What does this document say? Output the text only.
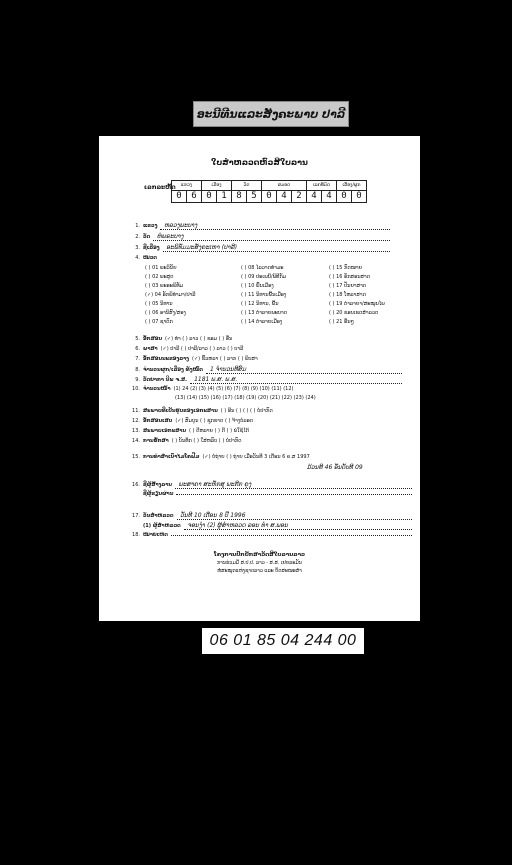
ອະນີທີນແລະສັງຄະພາບ ປາລີ
ໃບສຳຫລວດຫົວສີໃບລານ
ເລກລະຫັດ ແຂວງ		ເມືອງ		ວັດ		ສມອດ			ເລກທີມັດ		ເລື່ອງ/ຜູກ	
0	6	0	1	8	5	0	4	2	4	4	0	0
1. ແຂວງ	ຫລວງພະບາງ
2. ວັດ	ຫໍພຣະບາງ
3. ຊື່ເລື່ອງ	ອະພິທັມມະສັງຄະເຫາ (ປາລີ)
4. ໝວດ
( ) 01 ພະວິນັຍ
( ) 02 ພະສູດ
( ) 03 ພະອະພິທັມ
(✓) 04 ອັກພິທຳມາ/ປາລີ
( ) 05 ນິທານ
( ) 06 ອານິສົງ/ສອງ
( ) 07 ຊາດົກ
( ) 08 ໄລວາດທຳມະ
( ) 09 ປະເພນີ/ພິທີກັມ
( ) 10 ພົ້ນເມືອງ
( ) 11 ນິທານພື້ນເມືອງ
( ) 12 ນິທານ, ພື້ນ
( ) 13 ຕຳລາຍພະບາດ
( ) 14 ຕຳລາຍເມືອງ
( ) 15 ກົດໝາຍ
( ) 16 ອັກສອນສາດ
( ) 17 ປັນຍາສາດ
( ) 18 ໂຫລາສາດ
( ) 19 ຕຳລາຍາ/ສະໝຸນໄພ
( ) 20 ຂອບເຂດສຳລວດ
( ) 21 ອື່ນໆ
5. ອັກສອນ (✓) ທຳ ( ) ລາວ ( ) ຂອມ ( ) ອື່ນ
6. ພາສາ (✓) ປາລີ ( ) ປາລີ/ລາວ ( ) ລາວ ( ) ບາລີ
7. ອັກສອນນະຂອງລາງ (✓) ຂົ້ວຫລາ ( ) ລາກ ( ) ພິບສາ
8. ຈຳນວນຜູກ/ເລື່ອງ ທັງໝົດ	1 ຈຳນວນທີສົມ
9. ວັດຍາກາ ນີພ ຈ.ສ.	1181 ພ.ສ. ພ.ສ.
10. ຈຳນວນໜ້າ (1) 24 (2) (3) (4) (5) (6) (7) (8) (9) (10) (11) (12)
(13) (14) (15) (16) (17) (18) (19) (20) (21) (22) (23) (24)
11. ສະພາບທີ່ເປັນຮູບຂອງເອກະສານ ( ) ອີນ ( ) ( ) ( ) ບໍ່ປາກົດ
12. ອັກສອນເສບ (✓) ສົມບູນ ( ) ຊຸກຂາດ ( ) ຈ້າງບໍ່ລອດ
13. ສະພາບເອກະສານ ( ) ດີຫລາຍ ( ) ດີ ( ) ພໍໃຊ້ໄດ້
14. ການຮັກສາ ( ) ບັນທຶກ ( ) ໃສ່ຫລົບ ( ) ບໍ່ປາກົດ
15. ການທຳສຳເນົາໄມໂຄຟີມ (✓) ບໍ່ຖ່າຍ ( ) ຖ່າຍ ເມື່ອວັນທີ 3 ເດືອນ 6 ຄ.ສ 1997
ມ້ວນທີ 46 ອັນດັບທີ 09
16. ຊື່ຜູ້ສ້າງລານ	ພະສາຄາ ສະຫັກສູ ພະກີກ ຄຸງ
ຊື່ຜູ້ຂຽນຜ່ານ
17. ວັນສຳຫລວດ	ວັນທີ 10 ເດືອນ 8 ປີ 1996
(1) ຜູ້ສຳຫລວດ	ຈອນງຳ (2) ຜູ້ສຳຫລວດ ລອນ ທຳ ສ.ພອນ
18. ໝາຍເຫດ
ໂຄງການປົກປັກສາວັດສີໃບລານລາວ
ການຮ່ວມມື ສ.ປ.ປ. ລາວ - ສ.ສ. ເຢຍລະມັນ
ຫໍສະໝຸດແຫ່ງຊາດລາວ ແລະ ບຶດສະໝອສຳ
06 01 85 04 244 00
